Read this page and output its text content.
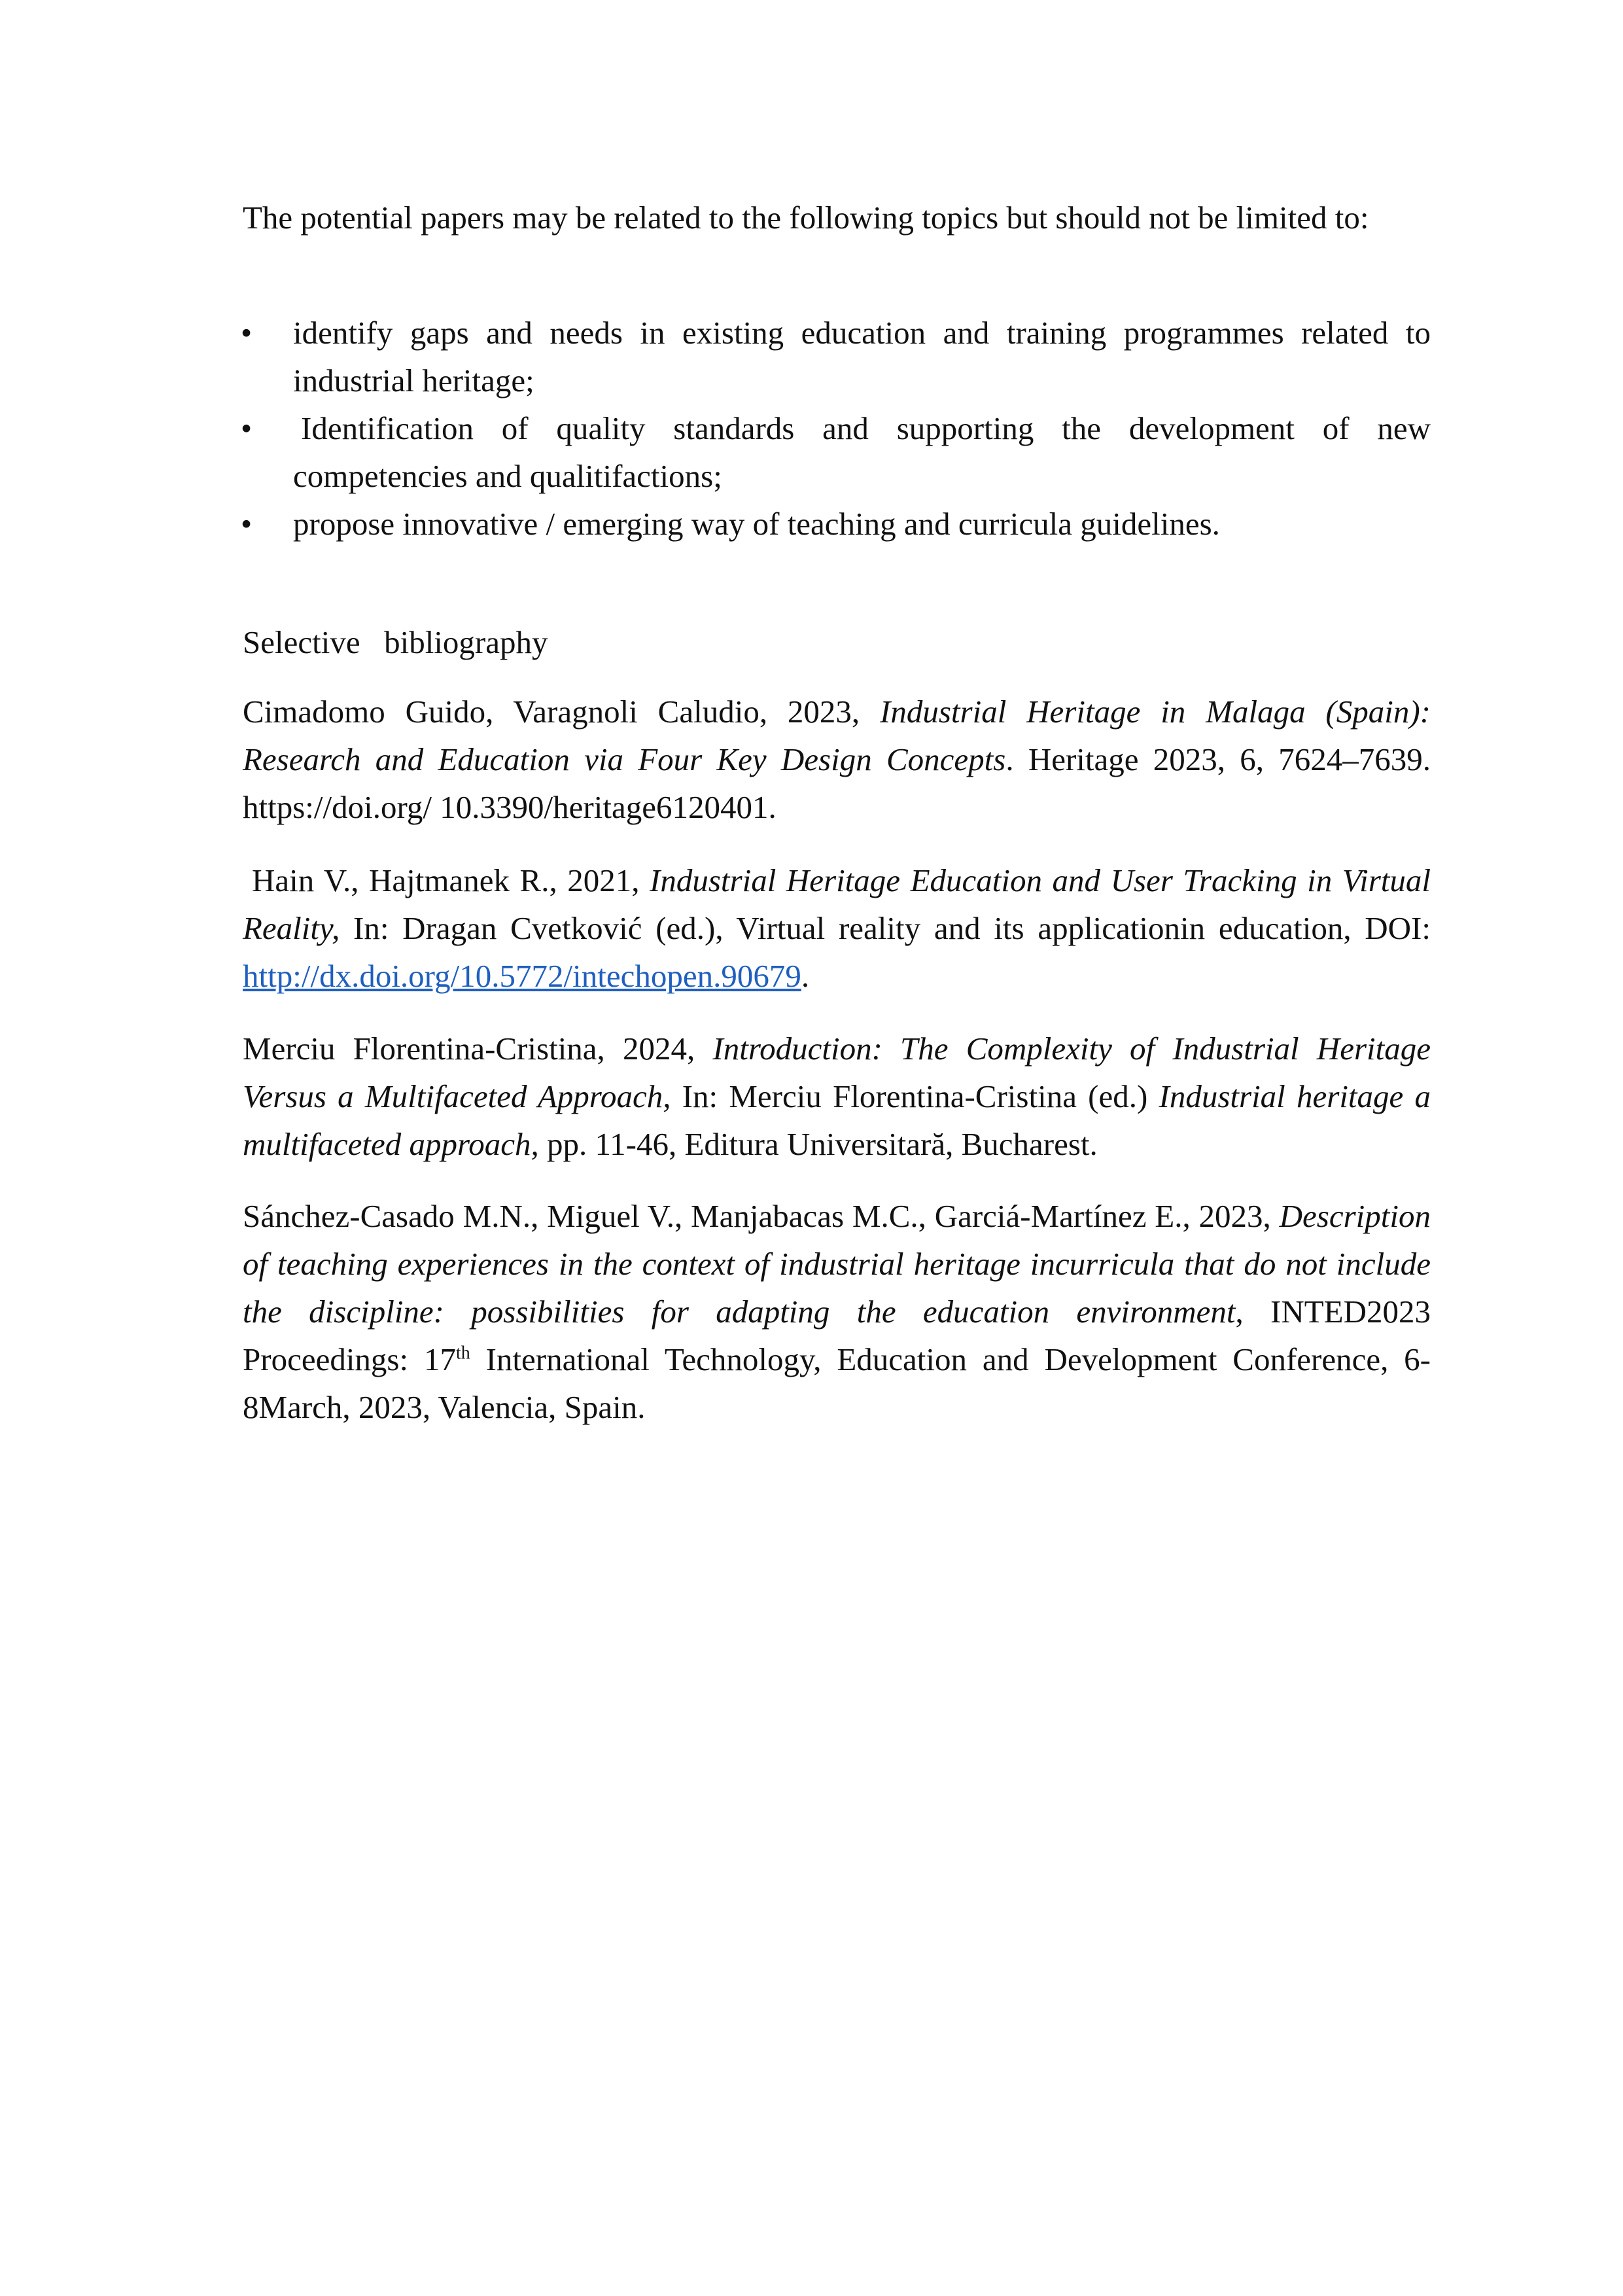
The potential papers may be related to the following topics but should not be limited to:

• identify gaps and needs in existing education and training programmes related to industrial heritage;
• Identification of quality standards and supporting the development of new competencies and qualitifactions;
• propose innovative / emerging way of teaching and curricula guidelines.
Selective  bibliography

Cimadomo Guido, Varagnoli Caludio, 2023, Industrial Heritage in Malaga (Spain): Research and Education via Four Key Design Concepts. Heritage 2023, 6, 7624–7639. https://doi.org/ 10.3390/heritage6120401.

Hain V., Hajtmanek R., 2021, Industrial Heritage Education and User Tracking in Virtual Reality, In: Dragan Cvetković (ed.), Virtual reality and its applicationin education, DOI: http://dx.doi.org/10.5772/intechopen.90679.

Merciu Florentina-Cristina, 2024, Introduction: The Complexity of Industrial Heritage Versus a Multifaceted Approach, In: Merciu Florentina-Cristina (ed.) Industrial heritage a multifaceted approach, pp. 11-46, Editura Universitară, Bucharest.

Sánchez-Casado M.N., Miguel V., Manjabacas M.C., Garciá-Martínez E., 2023, Description of teaching experiences in the context of industrial heritage incurricula that do not include the discipline: possibilities for adapting the education environment, INTED2023 Proceedings: 17th International Technology, Education and Development Conference, 6-8March, 2023, Valencia, Spain.
